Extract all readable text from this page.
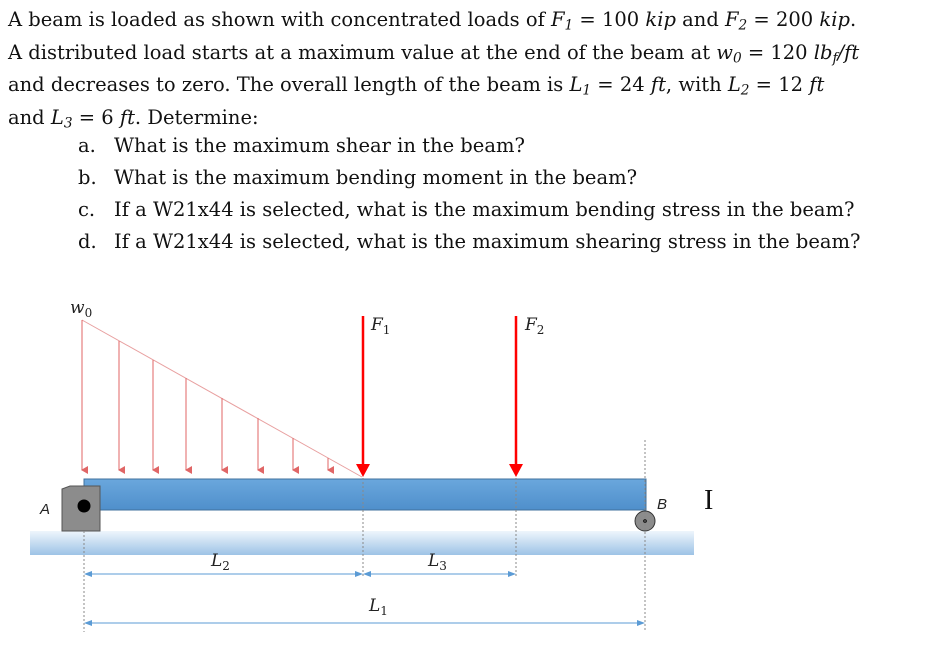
A beam is loaded as shown with concentrated loads of $F_1 = 100$ kip and $F_2 = 200$ kip.
A distributed load starts at a maximum value at the end of the beam at $w_0 = 120$ $lb_f/ft$
and decreases to zero. The overall length of the beam is $L_1 = 24$ ft, with $L_2 = 12$ ft
and $L_3 = 6$ ft. Determine:
a. What is the maximum shear in the beam?
b. What is the maximum bending moment in the beam?
c. If a W21x44 is selected, what is the maximum bending stress in the beam?
d. If a W21x44 is selected, what is the maximum shearing stress in the beam?
$w_0$
$F_1$	$F_2$
A	B I
$L_2$	$L_3$
$L_1$
